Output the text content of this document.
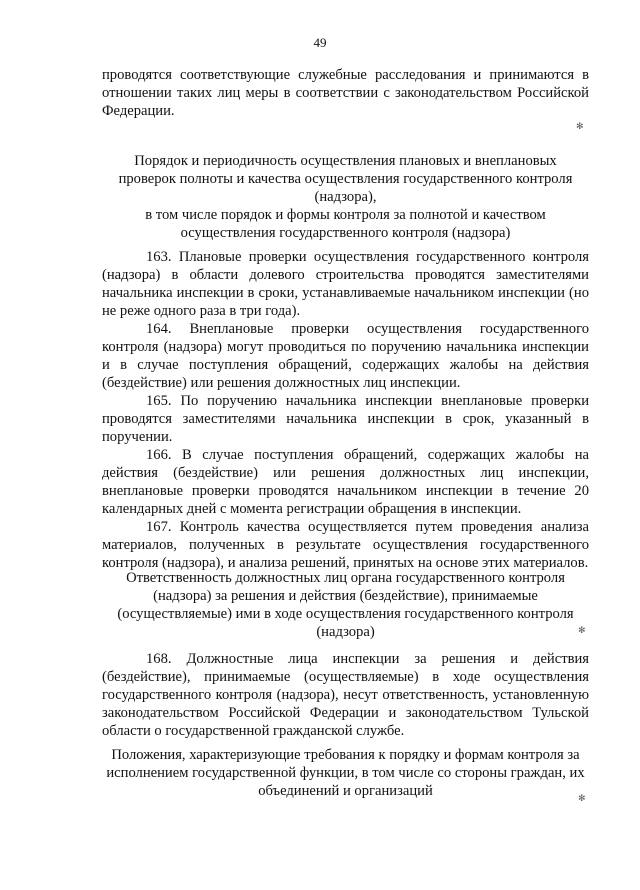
49

проводятся соответствующие служебные расследования и принимаются в отношении таких лиц меры в соответствии с законодательством Российской Федерации.

✻

Порядок и периодичность осуществления плановых и внеплановых проверок полноты и качества осуществления государственного контроля (надзора),

в том числе порядок и формы контроля за полнотой и качеством осуществления государственного контроля (надзора)

163. Плановые проверки осуществления государственного контроля (надзора) в области долевого строительства проводятся заместителями начальника инспекции в сроки, устанавливаемые начальником инспекции (но не реже одного раза в три года).

164. Внеплановые проверки осуществления государственного контроля (надзора) могут проводиться по поручению начальника инспекции и в случае поступления обращений, содержащих жалобы на действия (бездействие) или решения должностных лиц инспекции.

165. По поручению начальника инспекции внеплановые проверки проводятся заместителями начальника инспекции в срок, указанный в поручении.

166. В случае поступления обращений, содержащих жалобы на действия (бездействие) или решения должностных лиц инспекции, внеплановые проверки проводятся начальником инспекции в течение 20 календарных дней с момента регистрации обращения в инспекции.

167. Контроль качества осуществляется путем проведения анализа материалов, полученных в результате осуществления государственного контроля (надзора), и анализа решений, принятых на основе этих материалов.

Ответственность должностных лиц органа государственного контроля (надзора) за решения и действия (бездействие), принимаемые (осуществляемые) ими в ходе осуществления государственного контроля (надзора)	✻

168. Должностные лица инспекции за решения и действия (бездействие), принимаемые (осуществляемые) в ходе осуществления государственного контроля (надзора), несут ответственность, установленную законодательством Российской Федерации и законодательством Тульской области о государственной гражданской службе.

Положения, характеризующие требования к порядку и формам контроля за исполнением государственной функции, в том числе со стороны граждан, их объединений и организаций	✻
